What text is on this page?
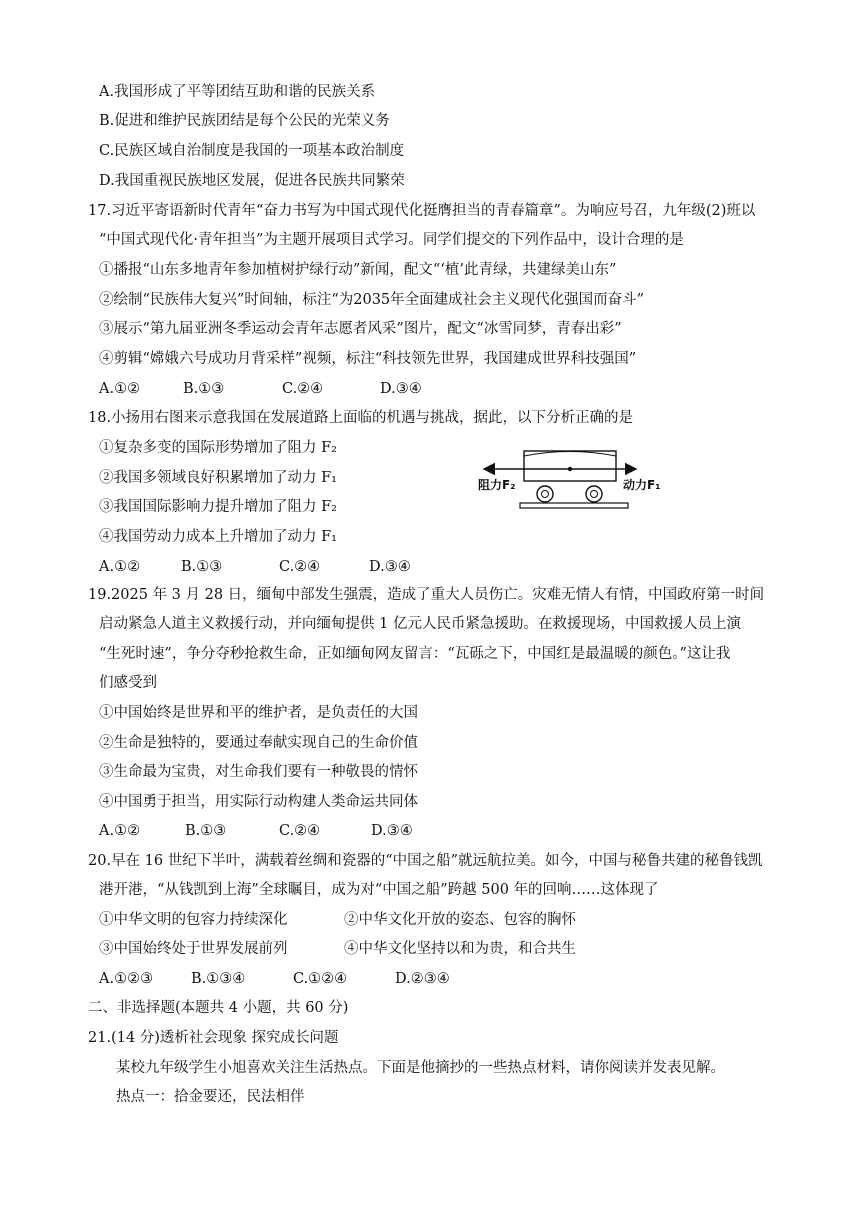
A.我国形成了平等团结互助和谐的民族关系
B.促进和维护民族团结是每个公民的光荣义务
C.民族区域自治制度是我国的一项基本政治制度
D.我国重视民族地区发展，促进各民族共同繁荣
17.习近平寄语新时代青年“奋力书写为中国式现代化挺膺担当的青春篇章”。为响应号召，九年级(2)班以
“中国式现代化·青年担当”为主题开展项目式学习。同学们提交的下列作品中，设计合理的是
①播报“山东多地青年参加植树护绿行动”新闻，配文“‘植’此青绿，共建绿美山东”
②绘制“民族伟大复兴”时间轴，标注“为2035年全面建成社会主义现代化强国而奋斗”
③展示“第九届亚洲冬季运动会青年志愿者风采”图片，配文“冰雪同梦，青春出彩”
④剪辑“嫦娥六号成功月背采样”视频，标注“科技领先世界，我国建成世界科技强国”
A.①②	B.①③	C.②④	D.③④
18.小扬用右图来示意我国在发展道路上面临的机遇与挑战，据此，以下分析正确的是
①复杂多变的国际形势增加了阻力 F₂
②我国多领域良好积累增加了动力 F₁
③我国国际影响力提升增加了阻力 F₂
④我国劳动力成本上升增加了动力 F₁
A.①②	B.①③	C.②④	D.③④
阻力F₂	动力F₁
19.2025 年 3 月 28 日，缅甸中部发生强震，造成了重大人员伤亡。灾难无情人有情，中国政府第一时间
启动紧急人道主义救援行动，并向缅甸提供 1 亿元人民币紧急援助。在救援现场，中国救援人员上演
“生死时速”，争分夺秒抢救生命，正如缅甸网友留言：“瓦砾之下，中国红是最温暖的颜色。”这让我
们感受到
①中国始终是世界和平的维护者，是负责任的大国
②生命是独特的，要通过奉献实现自己的生命价值
③生命最为宝贵，对生命我们要有一种敬畏的情怀
④中国勇于担当，用实际行动构建人类命运共同体
A.①②	B.①③	C.②④	D.③④
20.早在 16 世纪下半叶，满载着丝绸和瓷器的“中国之船”就远航拉美。如今，中国与秘鲁共建的秘鲁钱凯
港开港，“从钱凯到上海”全球瞩目，成为对“中国之船”跨越 500 年的回响……这体现了
①中华文明的包容力持续深化	②中华文化开放的姿态、包容的胸怀
③中国始终处于世界发展前列	④中华文化坚持以和为贵，和合共生
A.①②③	B.①③④	C.①②④	D.②③④
二、非选择题(本题共 4 小题，共 60 分)
21.(14 分)透析社会现象 探究成长问题
某校九年级学生小旭喜欢关注生活热点。下面是他摘抄的一些热点材料，请你阅读并发表见解。
热点一：拾金要还，民法相伴
